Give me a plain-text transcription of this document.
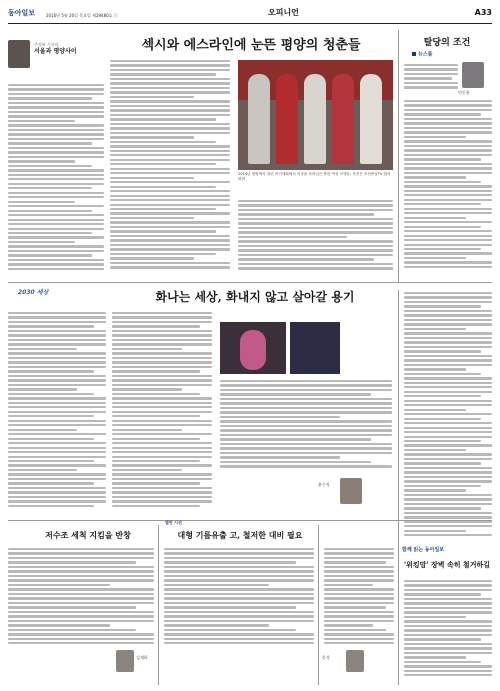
동아일보	2016년 5월 26일 목요일 제29480호 ⓒ	오피니언	A33
섹시와 에스라인에 눈뜬 평양의 청춘들
주성하 기자의
서울과 평양사이
2014년 평양에서 열린 미인대회에서 의상을 차려입은 북한 여성 모델들. 사진은 조선중앙TV 캡처 화면
탈당의 조건
뉴스룸
민동용
2030 세상	화나는 세상, 화내지 않고 살아갈 용기
윤수지
저수조 세척 지킴을 반창
김재하
열린 시선
대형 기름유출 고, 철저한 대비 필요
문석
함께 읽는 동아일보
'위킹맘' 장벽 속히 철거하길
